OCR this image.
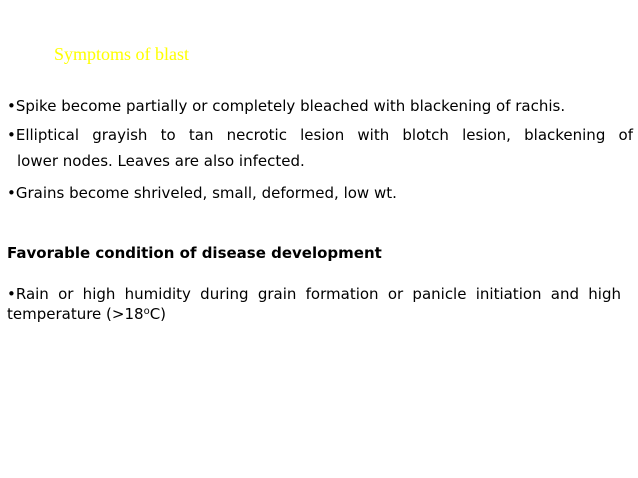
Symptoms of blast

•Spike become partially or completely bleached with blackening of rachis.

•Elliptical grayish to tan necrotic lesion with blotch lesion, blackening of
lower nodes. Leaves are also infected.

•Grains become shriveled, small, deformed, low wt.

Favorable condition of disease development

•Rain or high humidity during grain formation or panicle initiation and high
temperature $(>18^oC)$
